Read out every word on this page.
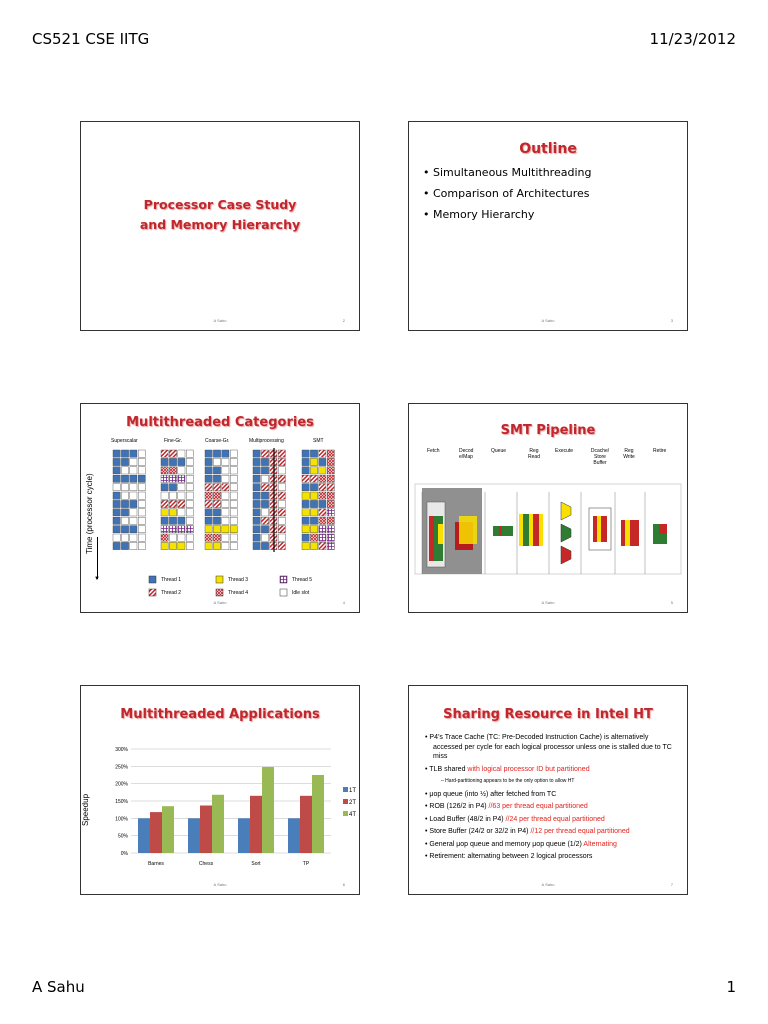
CS521 CSE IITG	11/23/2012
Processor Case Study
and Memory Hierarchy
A Sahu	2
Outline
• Simultaneous Multithreading
• Comparison of Architectures
• Memory Hierarchy
A Sahu	3
Multithreaded Categories
Superscalar	Fine-Gr.	Coarse-Gr.	Multiprocessing	SMT
Time (processor cycle)
▼	Thread 1	Thread 3	Thread 5
Thread 2	Thread 4	Idle slot
A Sahu	4
SMT Pipeline
Fetch	Decod e/Map
Queue	Reg Read
Execute	Dcache/ Store Buffer
Reg Write
Retire
A Sahu	5
Multithreaded Applications
Speedup
0%
50%
100%
150%
200%
250%
300%
Barnes	Chess	Sort	TP
1T
2T
4T
A Sahu	6
Sharing Resource in Intel HT
• P4’s Trace Cache (TC: Pre-Decoded Instruction Cache) is alternatively accessed per cycle for each logical processor unless one is stalled due to TC miss
• TLB shared with logical processor ID but partitioned
– Hard-partitioning appears to be the only option to allow HT
• μop queue (into ½) after fetched from TC
• ROB (126/2 in P4) //63 per thread equal partitioned
• Load Buffer (48/2 in P4) //24 per thread equal partitioned
• Store Buffer (24/2 or 32/2 in P4) //12 per thread equal partitioned
• General μop queue and memory μop queue (1/2) Alternating
• Retirement: alternating between 2 logical processors
A Sahu	7
A Sahu	1
